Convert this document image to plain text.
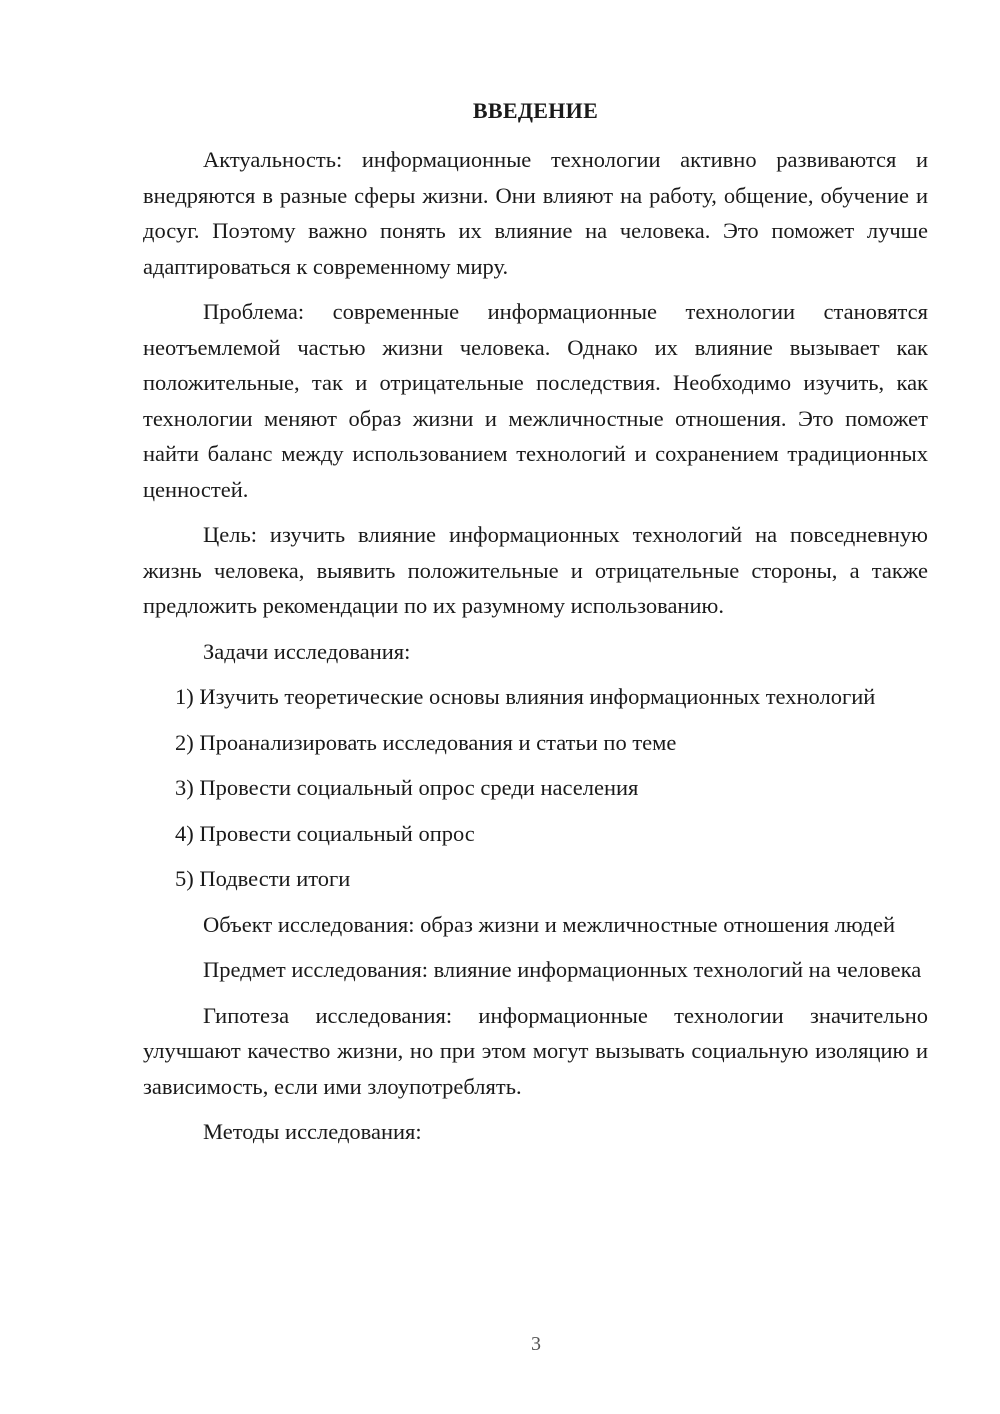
ВВЕДЕНИЕ

Актуальность: информационные технологии активно развиваются и внедряются в разные сферы жизни. Они влияют на работу, общение, обучение и досуг. Поэтому важно понять их влияние на человека. Это поможет лучше адаптироваться к современному миру.

Проблема: современные информационные технологии становятся неотъемлемой частью жизни человека. Однако их влияние вызывает как положительные, так и отрицательные последствия. Необходимо изучить, как технологии меняют образ жизни и межличностные отношения. Это поможет найти баланс между использованием технологий и сохранением традиционных ценностей.

Цель: изучить влияние информационных технологий на повседневную жизнь человека, выявить положительные и отрицательные стороны, а также предложить рекомендации по их разумному использованию.

Задачи исследования:

1) Изучить теоретические основы влияния информационных технологий

2) Проанализировать исследования и статьи по теме

3) Провести социальный опрос среди населения

4) Провести социальный опрос

5) Подвести итоги

Объект исследования: образ жизни и межличностные отношения людей

Предмет исследования: влияние информационных технологий на человека

Гипотеза исследования: информационные технологии значительно улучшают качество жизни, но при этом могут вызывать социальную изоляцию и зависимость, если ими злоупотреблять.

Методы исследования:

3
